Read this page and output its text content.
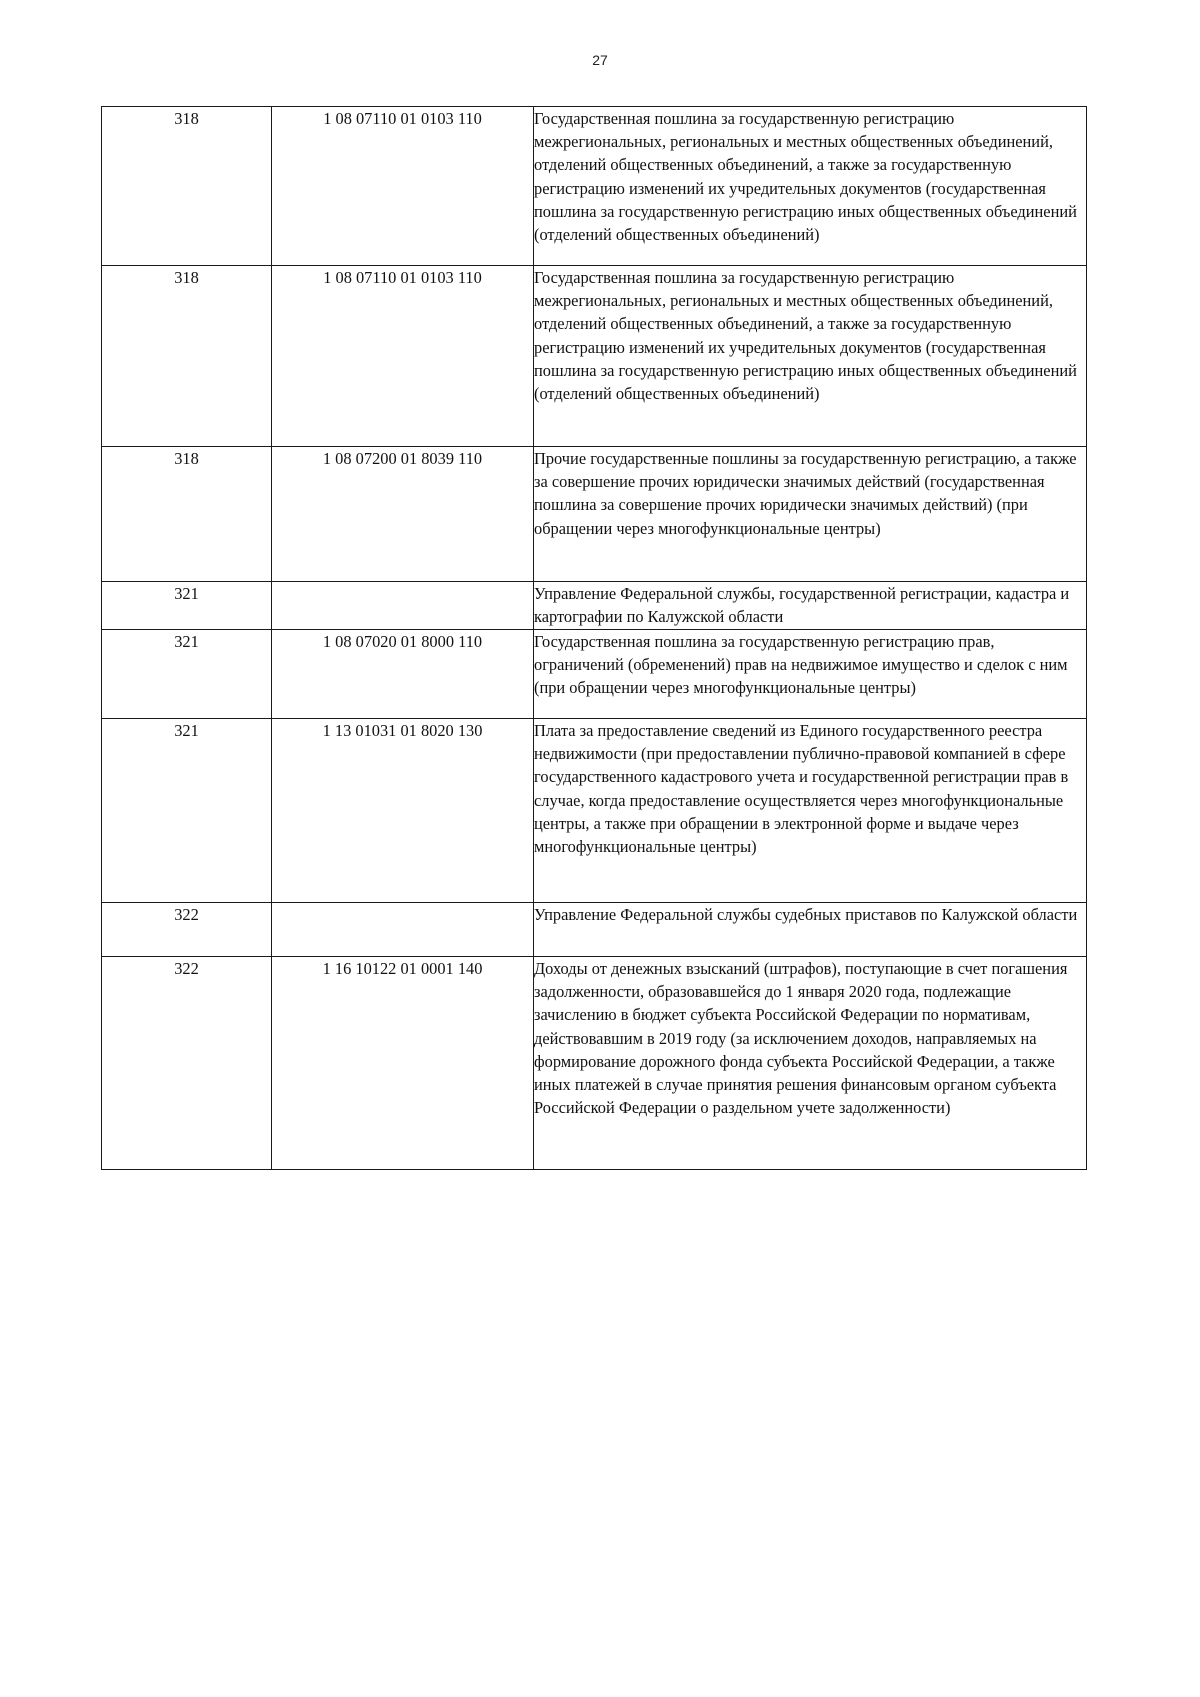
27
318	1 08 07110 01 0103 110	Государственная пошлина за государственную регистрацию межрегиональных, региональных и местных общественных объединений, отделений общественных объединений, а также за государственную регистрацию изменений их учредительных документов (государственная пошлина за государственную регистрацию иных общественных объединений (отделений общественных объединений)
318	1 08 07110 01 0103 110	Государственная пошлина за государственную регистрацию межрегиональных, региональных и местных общественных объединений, отделений общественных объединений, а также за государственную регистрацию изменений их учредительных документов (государственная пошлина за государственную регистрацию иных общественных объединений (отделений общественных объединений)
318	1 08 07200 01 8039 110	Прочие государственные пошлины за государственную регистрацию, а также за совершение прочих юридически значимых действий (государственная пошлина за совершение прочих юридически значимых действий) (при обращении через многофункциональные центры)
321		Управление Федеральной службы, государственной регистрации, кадастра и картографии по Калужской области
321	1 08 07020 01 8000 110	Государственная пошлина за государственную регистрацию прав, ограничений (обременений) прав на недвижимое имущество и сделок с ним (при обращении через многофункциональные центры)
321	1 13 01031 01 8020 130	Плата за предоставление сведений из Единого государственного реестра недвижимости (при предоставлении публично-правовой компанией в сфере государственного кадастрового учета и государственной регистрации прав в случае, когда предоставление осуществляется через многофункциональные центры, а также при обращении в электронной форме и выдаче через многофункциональные центры)
322		Управление Федеральной службы судебных приставов по Калужской области
322	1 16 10122 01 0001 140	Доходы от денежных взысканий (штрафов), поступающие в счет погашения задолженности, образовавшейся до 1 января 2020 года, подлежащие зачислению в бюджет субъекта Российской Федерации по нормативам, действовавшим в 2019 году (за исключением доходов, направляемых на формирование дорожного фонда субъекта Российской Федерации, а также иных платежей в случае принятия решения финансовым органом субъекта Российской Федерации о раздельном учете задолженности)
